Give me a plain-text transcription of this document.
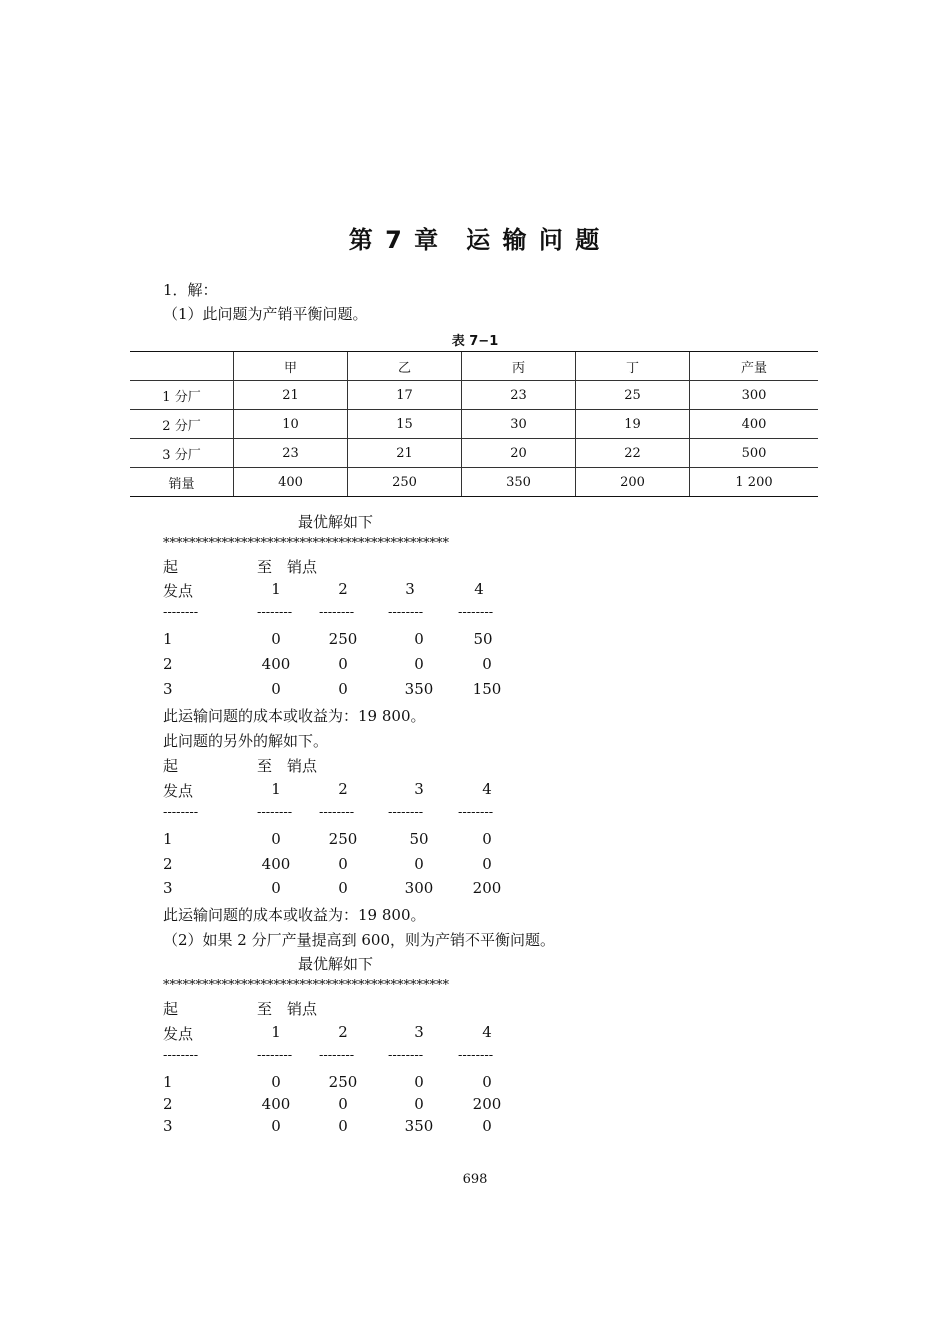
第 7 章　运 输 问 题
1．解：
（1）此问题为产销平衡问题。
表 7−1
	甲	乙	丙	丁	产量
1 分厂	21	17	23	25	300
2 分厂	10	15	30	19	400
3 分厂	23	21	20	22	500
销量	400	250	350	200	1 200
最优解如下
********************************************
起	至　销点
发点	1	2	3	4
--------	-------- --------	--------	--------
1	0	250	0	50
2	400	0	0	0
3	0	0	350	150
此运输问题的成本或收益为：19 800。
此问题的另外的解如下。
起	至　销点
发点	1	2	3	4
--------	-------- --------	--------	--------
1	0	250	50	0
2	400	0	0	0
3	0	0	300	200
此运输问题的成本或收益为：19 800。
（2）如果 2 分厂产量提高到 600，则为产销不平衡问题。
最优解如下
********************************************
起	至　销点
发点	1	2	3	4
--------	-------- --------	--------	--------
1	0	250	0	0
2	400	0	0	200
3	0	0	350	0
698
